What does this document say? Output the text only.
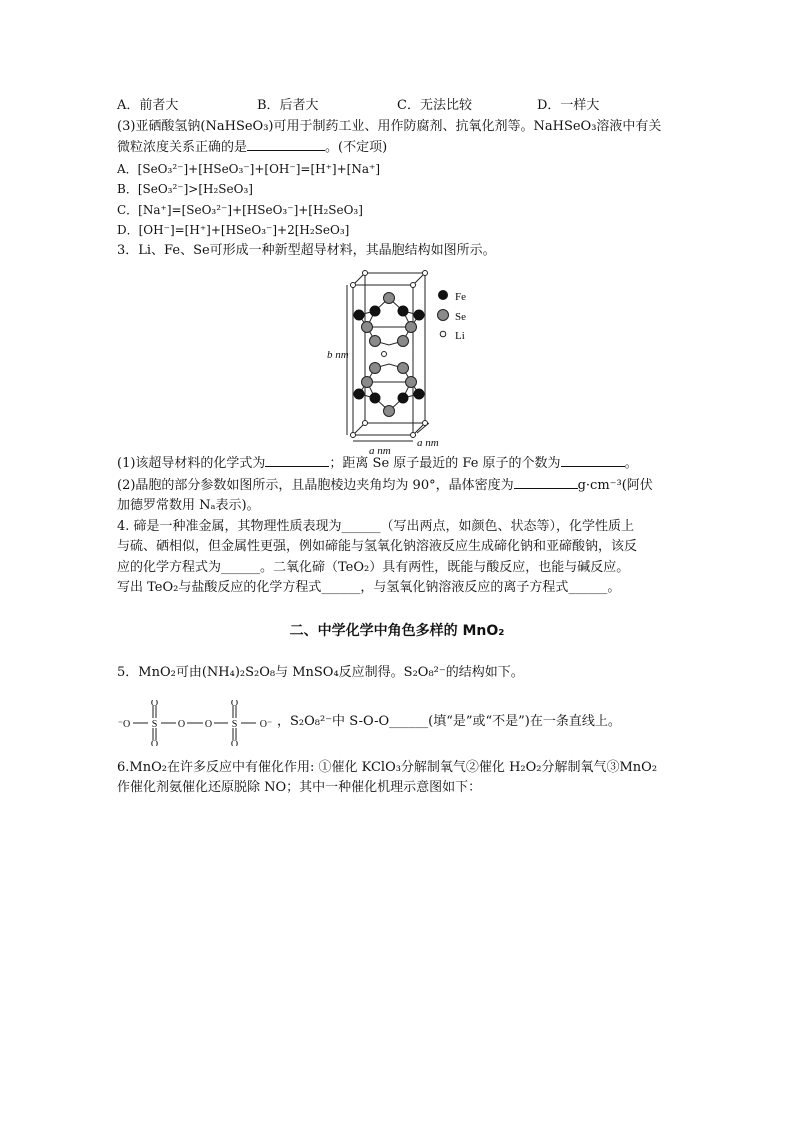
A．前者大	B．后者大	C．无法比较	D．一样大
(3)亚硒酸氢钠(NaHSeO₃)可用于制药工业、用作防腐剂、抗氧化剂等。NaHSeO₃溶液中有关
微粒浓度关系正确的是	。(不定项)
A．[SeO₃²⁻]+[HSeO₃⁻]+[OH⁻]=[H⁺]+[Na⁺]
B．[SeO₃²⁻]>[H₂SeO₃]
C．[Na⁺]=[SeO₃²⁻]+[HSeO₃⁻]+[H₂SeO₃]
D．[OH⁻]=[H⁺]+[HSeO₃⁻]+2[H₂SeO₃]
3．Li、Fe、Se可形成一种新型超导材料，其晶胞结构如图所示。
Fe
Se
Li
b nm
a nm
a nm
(1)该超导材料的化学式为	；距离 Se 原子最近的 Fe 原子的个数为	。
(2)晶胞的部分参数如图所示，且晶胞棱边夹角均为 90°，晶体密度为	g·cm⁻³(阿伏
加德罗常数用 Nₐ表示)。
4. 碲是一种准金属，其物理性质表现为______（写出两点，如颜色、状态等），化学性质上
与硫、硒相似，但金属性更强，例如碲能与氢氧化钠溶液反应生成碲化钠和亚碲酸钠，该反
应的化学方程式为______。二氧化碲（TeO₂）具有两性，既能与酸反应，也能与碱反应。
写出 TeO₂与盐酸反应的化学方程式______，与氢氧化钠溶液反应的离子方程式______。
二、中学化学中角色多样的 MnO₂
5．MnO₂可由(NH₄)₂S₂O₈与 MnSO₄反应制得。S₂O₈²⁻的结构如下。
O
S
O
O
S
O
O O
⁻O	O⁻ ，S₂O₈²⁻中 S-O-O______(填“是”或“不是”)在一条直线上。
6.MnO₂在许多反应中有催化作用: ①催化 KClO₃分解制氧气②催化 H₂O₂分解制氧气③MnO₂
作催化剂氨催化还原脱除 NO；其中一种催化机理示意图如下：
